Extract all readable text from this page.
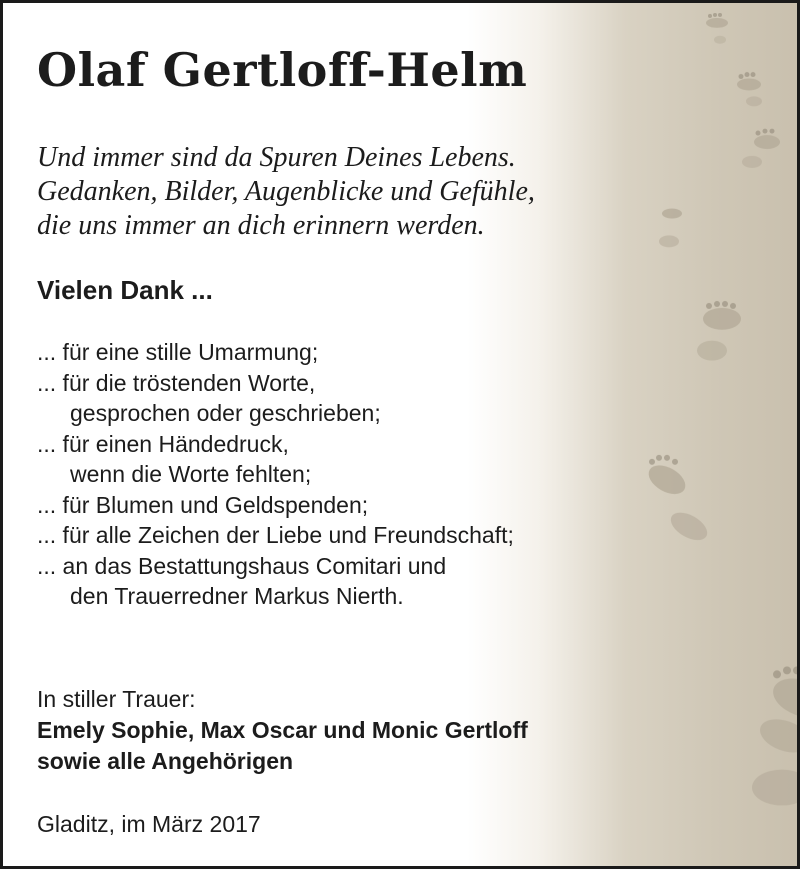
Olaf Gertloff-Helm

Und immer sind da Spuren Deines Lebens.
Gedanken, Bilder, Augenblicke und Gefühle,
die uns immer an dich erinnern werden.

Vielen Dank ...
... für eine stille Umarmung;
... für die tröstenden Worte,
gesprochen oder geschrieben;
... für einen Händedruck,
wenn die Worte fehlten;
... für Blumen und Geldspenden;
... für alle Zeichen der Liebe und Freundschaft;
... an das Bestattungshaus Comitari und
den Trauerredner Markus Nierth.
In stiller Trauer:
Emely Sophie, Max Oscar und Monic Gertloff
sowie alle Angehörigen
Gladitz, im März 2017
